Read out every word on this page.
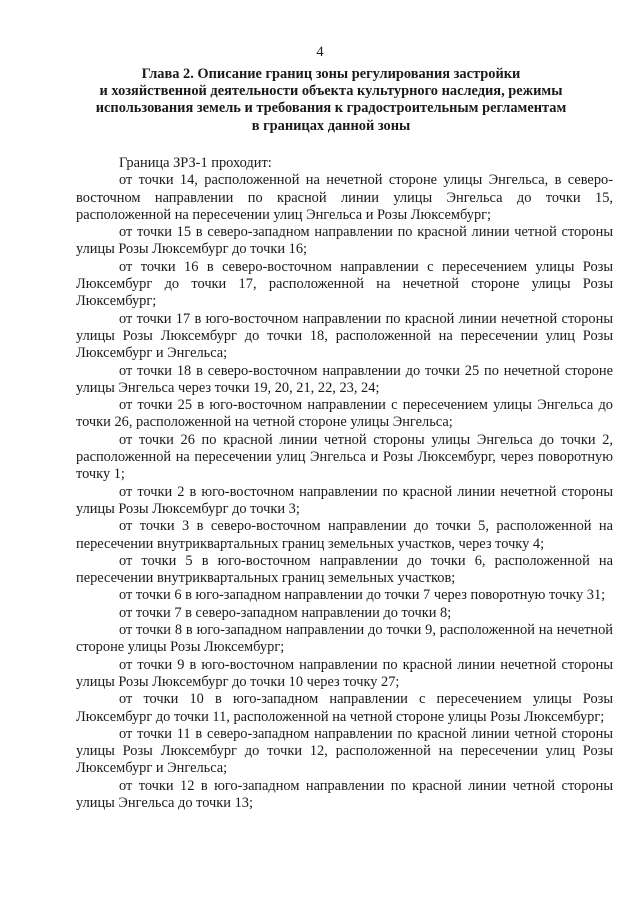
4
Глава 2. Описание границ зоны регулирования застройки
и хозяйственной деятельности объекта культурного наследия, режимы
использования земель и требования к градостроительным регламентам
в границах данной зоны

Граница ЗРЗ-1 проходит:

от точки 14, расположенной на нечетной стороне улицы Энгельса, в северо-восточном направлении по красной линии улицы Энгельса до точки 15, расположенной на пересечении улиц Энгельса и Розы Люксембург;

от точки 15 в северо-западном направлении по красной линии четной стороны улицы Розы Люксембург до точки 16;

от точки 16 в северо-восточном направлении с пересечением улицы Розы Люксембург до точки 17, расположенной на нечетной стороне улицы Розы Люксембург;

от точки 17 в юго-восточном направлении по красной линии нечетной стороны улицы Розы Люксембург до точки 18, расположенной на пересечении улиц Розы Люксембург и Энгельса;

от точки 18 в северо-восточном направлении до точки 25 по нечетной стороне улицы Энгельса через точки 19, 20, 21, 22, 23, 24;

от точки 25 в юго-восточном направлении с пересечением улицы Энгельса до точки 26, расположенной на четной стороне улицы Энгельса;

от точки 26 по красной линии четной стороны улицы Энгельса до точки 2, расположенной на пересечении улиц Энгельса и Розы Люксембург, через поворотную точку 1;

от точки 2 в юго-восточном направлении по красной линии нечетной стороны улицы Розы Люксембург до точки 3;

от точки 3 в северо-восточном направлении до точки 5, расположенной на пересечении внутриквартальных границ земельных участков, через точку 4;

от точки 5 в юго-восточном направлении до точки 6, расположенной на пересечении внутриквартальных границ земельных участков;

от точки 6 в юго-западном направлении до точки 7 через поворотную точку 31;

от точки 7 в северо-западном направлении до точки 8;

от точки 8 в юго-западном направлении до точки 9, расположенной на нечетной стороне улицы Розы Люксембург;

от точки 9 в юго-восточном направлении по красной линии нечетной стороны улицы Розы Люксембург до точки 10 через точку 27;

от точки 10 в юго-западном направлении с пересечением улицы Розы Люксембург до точки 11, расположенной на четной стороне улицы Розы Люксембург;

от точки 11 в северо-западном направлении по красной линии четной стороны улицы Розы Люксембург до точки 12, расположенной на пересечении улиц Розы Люксембург и Энгельса;

от точки 12 в юго-западном направлении по красной линии четной стороны улицы Энгельса до точки 13;
